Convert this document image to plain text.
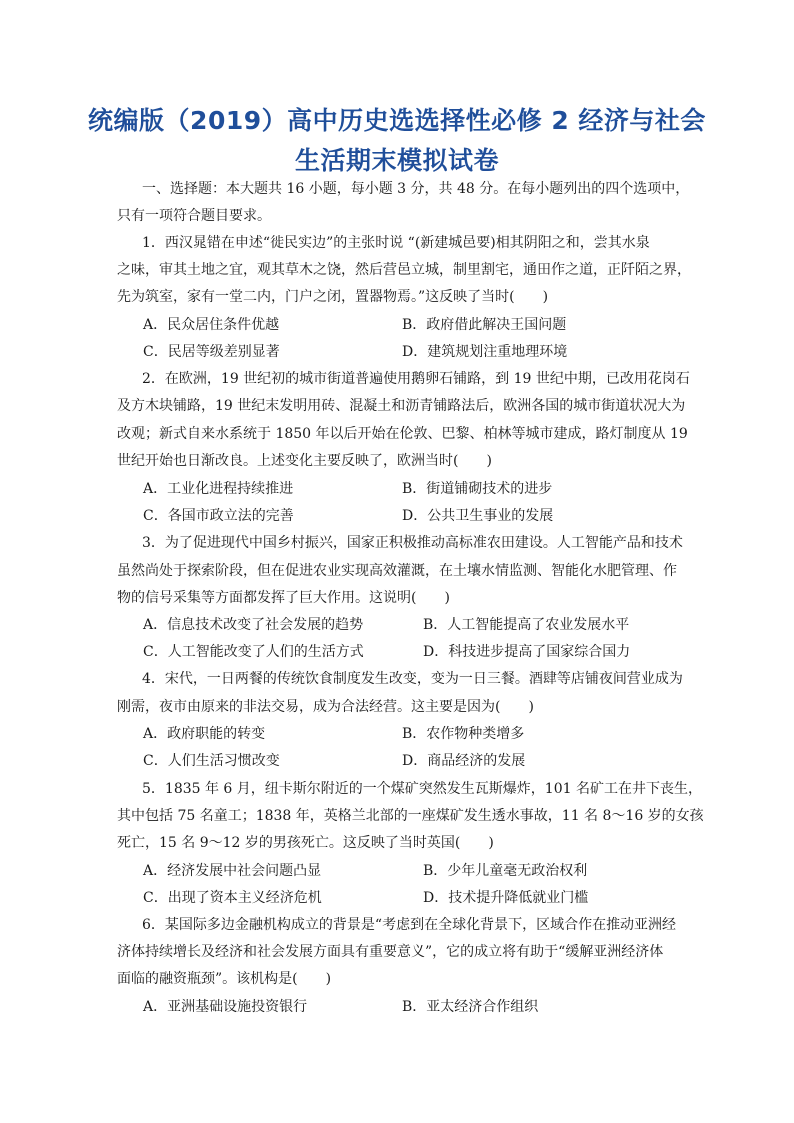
统编版（2019）高中历史选选择性必修 2 经济与社会
生活期末模拟试卷
一、选择题：本大题共 16 小题，每小题 3 分，共 48 分。在每小题列出的四个选项中，
只有一项符合题目要求。
1．西汉晁错在申述“徙民实边”的主张时说 “(新建城邑要)相其阴阳之和，尝其水泉
之味，审其土地之宜，观其草木之饶，然后营邑立城，制里割宅，通田作之道，正阡陌之界，
先为筑室，家有一堂二内，门户之闭，置器物焉。”这反映了当时(　　)
A．民众居住条件优越	B．政府借此解决王国问题
C．民居等级差别显著	D．建筑规划注重地理环境
2．在欧洲，19 世纪初的城市街道普遍使用鹅卵石铺路，到 19 世纪中期，已改用花岗石
及方木块铺路，19 世纪末发明用砖、混凝土和沥青铺路法后，欧洲各国的城市街道状况大为
改观；新式自来水系统于 1850 年以后开始在伦敦、巴黎、柏林等城市建成，路灯制度从 19
世纪开始也日渐改良。上述变化主要反映了，欧洲当时(　　)
A．工业化进程持续推进	B．街道铺砌技术的进步
C．各国市政立法的完善	D．公共卫生事业的发展
3．为了促进现代中国乡村振兴，国家正积极推动高标准农田建设。人工智能产品和技术
虽然尚处于探索阶段，但在促进农业实现高效灌溉，在土壤水情监测、智能化水肥管理、作
物的信号采集等方面都发挥了巨大作用。这说明(　　)
A．信息技术改变了社会发展的趋势	B．人工智能提高了农业发展水平
C．人工智能改变了人们的生活方式	D．科技进步提高了国家综合国力
4．宋代，一日两餐的传统饮食制度发生改变，变为一日三餐。酒肆等店铺夜间营业成为
刚需，夜市由原来的非法交易，成为合法经营。这主要是因为(　　)
A．政府职能的转变	B．农作物种类增多
C．人们生活习惯改变	D．商品经济的发展
5．1835 年 6 月，纽卡斯尔附近的一个煤矿突然发生瓦斯爆炸，101 名矿工在井下丧生，
其中包括 75 名童工；1838 年，英格兰北部的一座煤矿发生透水事故，11 名 8～16 岁的女孩
死亡，15 名 9～12 岁的男孩死亡。这反映了当时英国(　　)
A．经济发展中社会问题凸显	B．少年儿童毫无政治权利
C．出现了资本主义经济危机	D．技术提升降低就业门槛
6．某国际多边金融机构成立的背景是“考虑到在全球化背景下，区域合作在推动亚洲经
济体持续增长及经济和社会发展方面具有重要意义”，它的成立将有助于“缓解亚洲经济体
面临的融资瓶颈”。该机构是(　　)
A．亚洲基础设施投资银行	B．亚太经济合作组织
